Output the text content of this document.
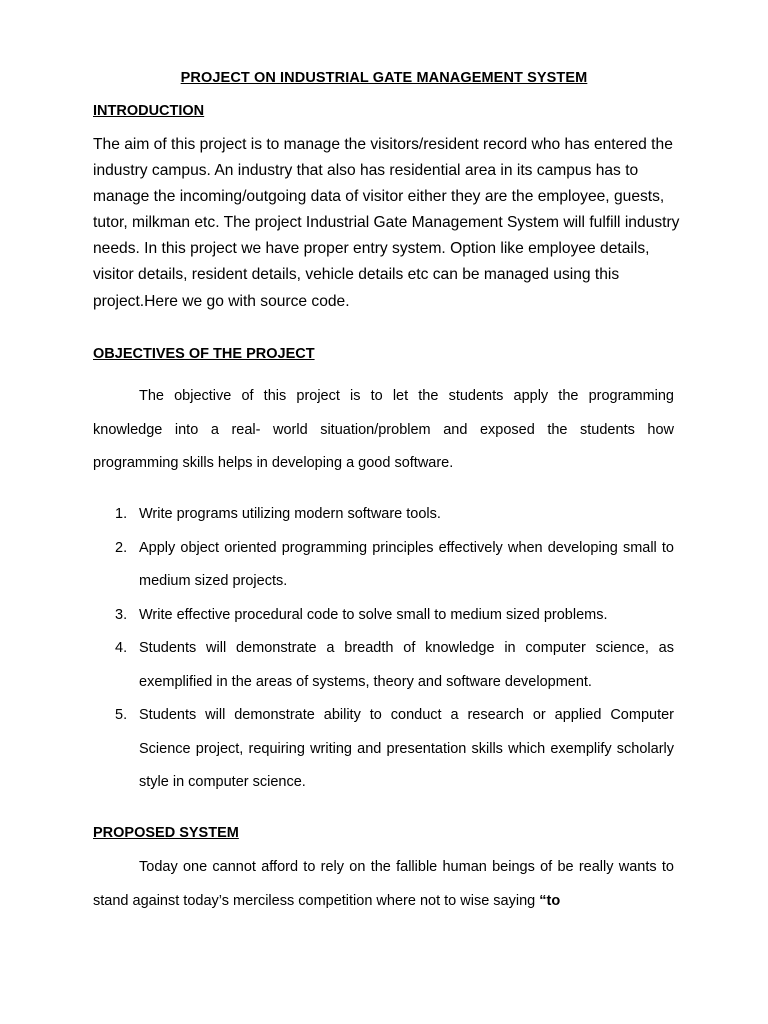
PROJECT ON INDUSTRIAL GATE MANAGEMENT SYSTEM
INTRODUCTION

The aim of this project is to manage the visitors/resident record who has entered the industry campus. An industry that also has residential area in its campus has to manage the incoming/outgoing data of visitor either they are the employee, guests, tutor, milkman etc. The project Industrial Gate Management System will fulfill industry needs. In this project we have proper entry system. Option like employee details, visitor details, resident details, vehicle details etc can be managed using this project.Here we go with source code.

OBJECTIVES OF THE PROJECT

The objective of this project is to let the students apply the programming knowledge into a real- world situation/problem and exposed the students how programming skills helps in developing a good software.

1. Write programs utilizing modern software tools.
2. Apply object oriented programming principles effectively when developing small to medium sized projects.
3. Write effective procedural code to solve small to medium sized problems.
4. Students will demonstrate a breadth of knowledge in computer science, as exemplified in the areas of systems, theory and software development.
5. Students will demonstrate ability to conduct a research or applied Computer Science project, requiring writing and presentation skills which exemplify scholarly style in computer science.
PROPOSED SYSTEM

Today one cannot afford to rely on the fallible human beings of be really wants to stand against today’s merciless competition where not to wise saying “to
